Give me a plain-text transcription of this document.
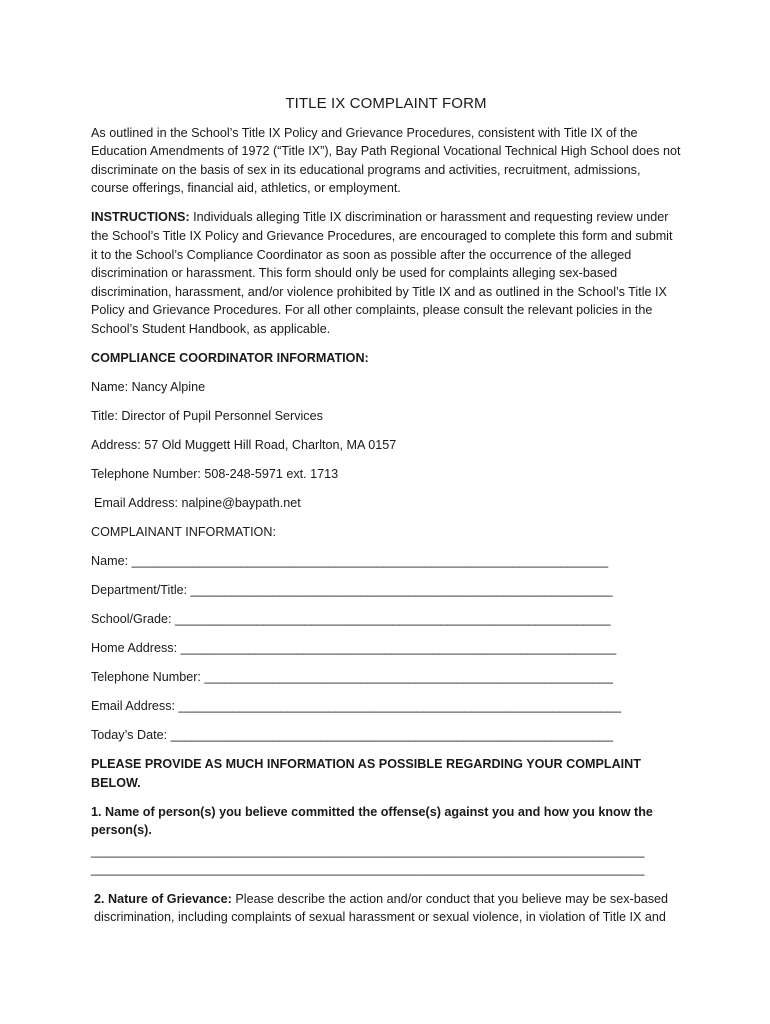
TITLE IX COMPLAINT FORM

As outlined in the School’s Title IX Policy and Grievance Procedures, consistent with Title IX of the Education Amendments of 1972 (“Title IX”), Bay Path Regional Vocational Technical High School does not discriminate on the basis of sex in its educational programs and activities, recruitment, admissions, course offerings, financial aid, athletics, or employment.

INSTRUCTIONS: Individuals alleging Title IX discrimination or harassment and requesting review under the School’s Title IX Policy and Grievance Procedures, are encouraged to complete this form and submit it to the School’s Compliance Coordinator as soon as possible after the occurrence of the alleged discrimination or harassment. This form should only be used for complaints alleging sex-based discrimination, harassment, and/or violence prohibited by Title IX and as outlined in the School’s Title IX Policy and Grievance Procedures. For all other complaints, please consult the relevant policies in the School’s Student Handbook, as applicable.

COMPLIANCE COORDINATOR INFORMATION:

Name: Nancy Alpine

Title: Director of Pupil Personnel Services

Address: 57 Old Muggett Hill Road, Charlton, MA 0157

Telephone Number: 508-248-5971 ext. 1713

Email Address: nalpine@baypath.net

COMPLAINANT INFORMATION:

Name: ______________________________________________________________________

Department/Title: ______________________________________________________________

School/Grade: ________________________________________________________________

Home Address: ________________________________________________________________

Telephone Number: ____________________________________________________________

Email Address: _________________________________________________________________

Today’s Date: _________________________________________________________________

PLEASE PROVIDE AS MUCH INFORMATION AS POSSIBLE REGARDING YOUR COMPLAINT BELOW.

1. Name of person(s) you believe committed the offense(s) against you and how you know the person(s).

_______________________________________________________________________________

_______________________________________________________________________________

2. Nature of Grievance: Please describe the action and/or conduct that you believe may be sex-based discrimination, including complaints of sexual harassment or sexual violence, in violation of Title IX and
